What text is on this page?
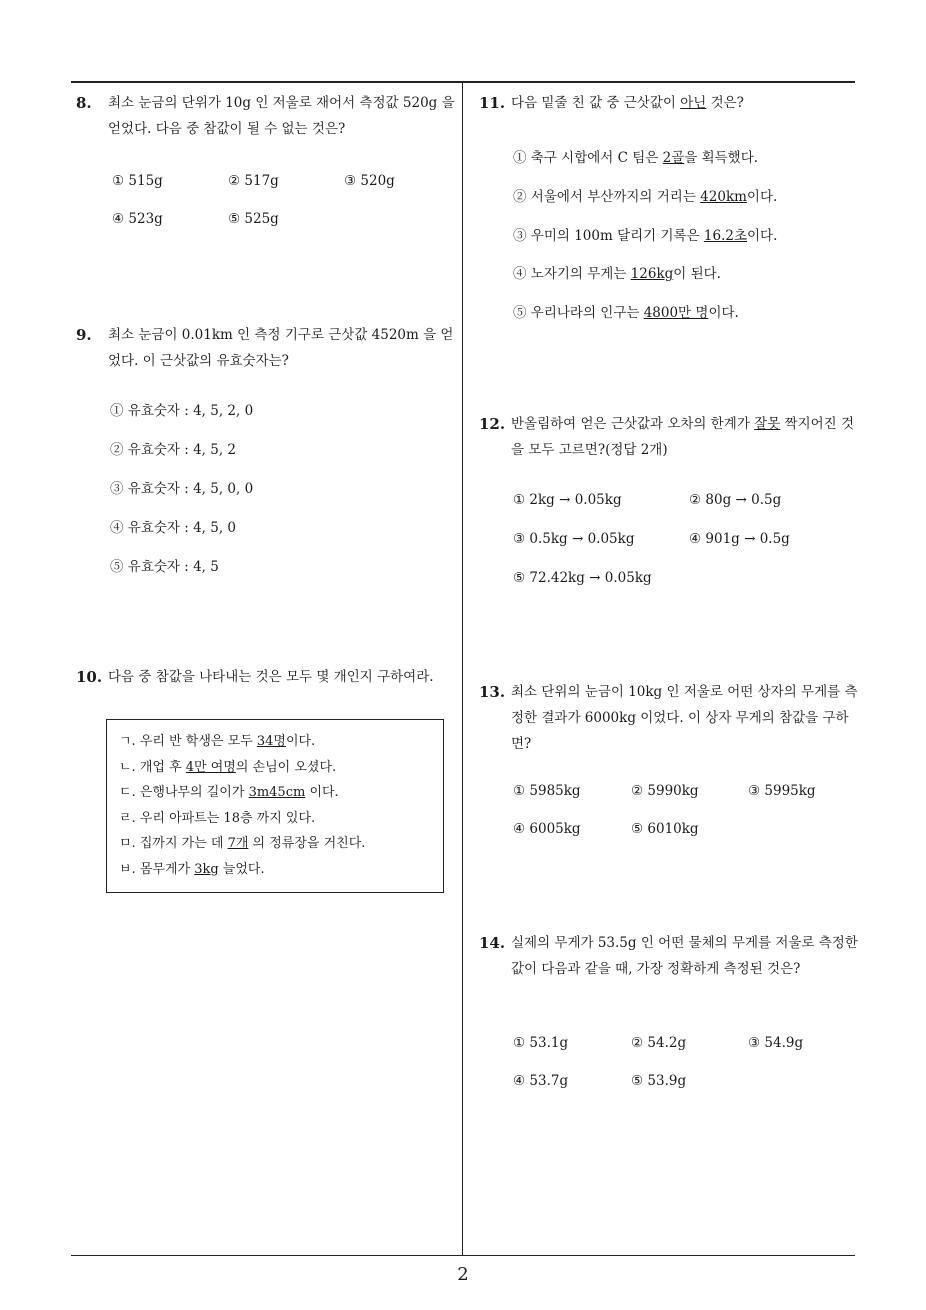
8. 최소 눈금의 단위가 10g 인 저울로 재어서 측정값 520g 을 얻었다. 다음 중 참값이 될 수 없는 것은?
① 515g	② 517g	③ 520g
④ 523g	⑤ 525g
9. 최소 눈금이 0.01km 인 측정 기구로 근삿값 4520m 을 얻었다. 이 근삿값의 유효숫자는?
① 유효숫자 : 4, 5, 2, 0
② 유효숫자 : 4, 5, 2
③ 유효숫자 : 4, 5, 0, 0
④ 유효숫자 : 4, 5, 0
⑤ 유효숫자 : 4, 5
10. 다음 중 참값을 나타내는 것은 모두 몇 개인지 구하여라.
ㄱ. 우리 반 학생은 모두 34명이다.
ㄴ. 개업 후 4만 여명의 손님이 오셨다.
ㄷ. 은행나무의 길이가 3m45cm 이다.
ㄹ. 우리 아파트는 18층 까지 있다.
ㅁ. 집까지 가는 데 7개 의 정류장을 거친다.
ㅂ. 몸무게가 3kg 늘었다.
11. 다음 밑줄 친 값 중 근삿값이 아닌 것은?
① 축구 시합에서 C 팀은 2골을 획득했다.
② 서울에서 부산까지의 거리는 420km이다.
③ 우미의 100m 달리기 기록은 16.2초이다.
④ 노자기의 무게는 126kg이 된다.
⑤ 우리나라의 인구는 4800만 명이다.
12. 반올림하여 얻은 근삿값과 오차의 한계가 잘못 짝지어진 것을 모두 고르면?(정답 2개)
① 2kg → 0.05kg	② 80g → 0.5g
③ 0.5kg → 0.05kg	④ 901g → 0.5g
⑤ 72.42kg → 0.05kg
13. 최소 단위의 눈금이 10kg 인 저울로 어떤 상자의 무게를 측정한 결과가 6000kg 이었다. 이 상자 무게의 참값을 구하면?
① 5985kg	② 5990kg	③ 5995kg
④ 6005kg	⑤ 6010kg
14. 실제의 무게가 53.5g 인 어떤 물체의 무게를 저울로 측정한 값이 다음과 같을 때, 가장 정확하게 측정된 것은?
① 53.1g	② 54.2g	③ 54.9g
④ 53.7g	⑤ 53.9g
2
